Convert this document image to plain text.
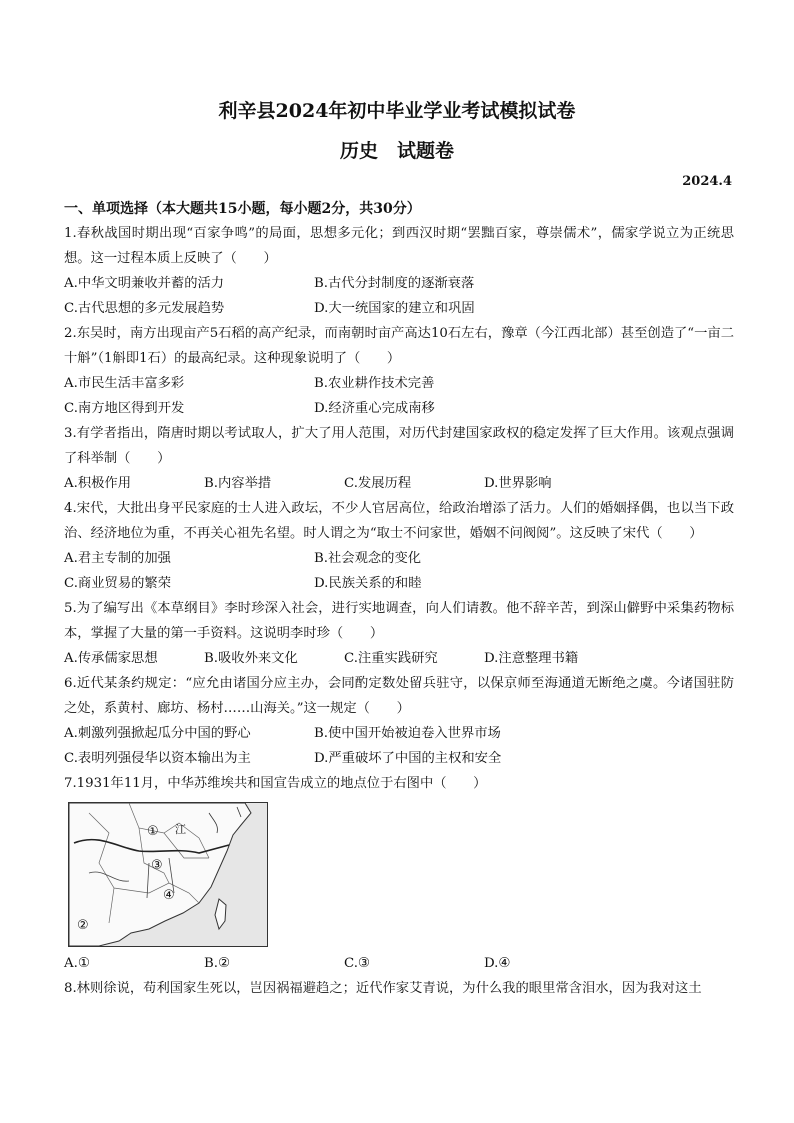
利辛县2024年初中毕业学业考试模拟试卷
历史　试题卷
2024.4
一、单项选择（本大题共15小题，每小题2分，共30分）

1.春秋战国时期出现“百家争鸣”的局面，思想多元化；到西汉时期“罢黜百家，尊崇儒术”，儒家学说立为正统思想。这一过程本质上反映了（　　）

A.中华文明兼收并蓄的活力	B.古代分封制度的逐渐衰落
C.古代思想的多元发展趋势	D.大一统国家的建立和巩固

2.东吴时，南方出现亩产5石稻的高产纪录，而南朝时亩产高达10石左右，豫章（今江西北部）甚至创造了“一亩二十斛”（1斛即1石）的最高纪录。这种现象说明了（　　）

A.市民生活丰富多彩	B.农业耕作技术完善
C.南方地区得到开发	D.经济重心完成南移

3.有学者指出，隋唐时期以考试取人，扩大了用人范围，对历代封建国家政权的稳定发挥了巨大作用。该观点强调了科举制（　　）

A.积极作用	B.内容举措	C.发展历程	D.世界影响

4.宋代，大批出身平民家庭的士人进入政坛，不少人官居高位，给政治增添了活力。人们的婚姻择偶，也以当下政治、经济地位为重，不再关心祖先名望。时人谓之为“取士不问家世，婚姻不问阀阅”。这反映了宋代（　　）

A.君主专制的加强	B.社会观念的变化
C.商业贸易的繁荣	D.民族关系的和睦

5.为了编写出《本草纲目》李时珍深入社会，进行实地调查，向人们请教。他不辞辛苦，到深山僻野中采集药物标本，掌握了大量的第一手资料。这说明李时珍（　　）

A.传承儒家思想	B.吸收外来文化	C.注重实践研究	D.注意整理书籍

6.近代某条约规定：“应允由诸国分应主办，会同酌定数处留兵驻守，以保京师至海通道无断绝之虞。今诸国驻防之处，系黄村、廊坊、杨村……山海关。”这一规定（　　）

A.刺激列强掀起瓜分中国的野心	B.使中国开始被迫卷入世界市场
C.表明列强侵华以资本输出为主	D.严重破坏了中国的主权和安全

7.1931年11月，中华苏维埃共和国宣告成立的地点位于右图中（　　）

①
②
③
④
江
A.①	B.②	C.③	D.④

8.林则徐说，苟利国家生死以，岂因祸福避趋之；近代作家艾青说，为什么我的眼里常含泪水，因为我对这土
